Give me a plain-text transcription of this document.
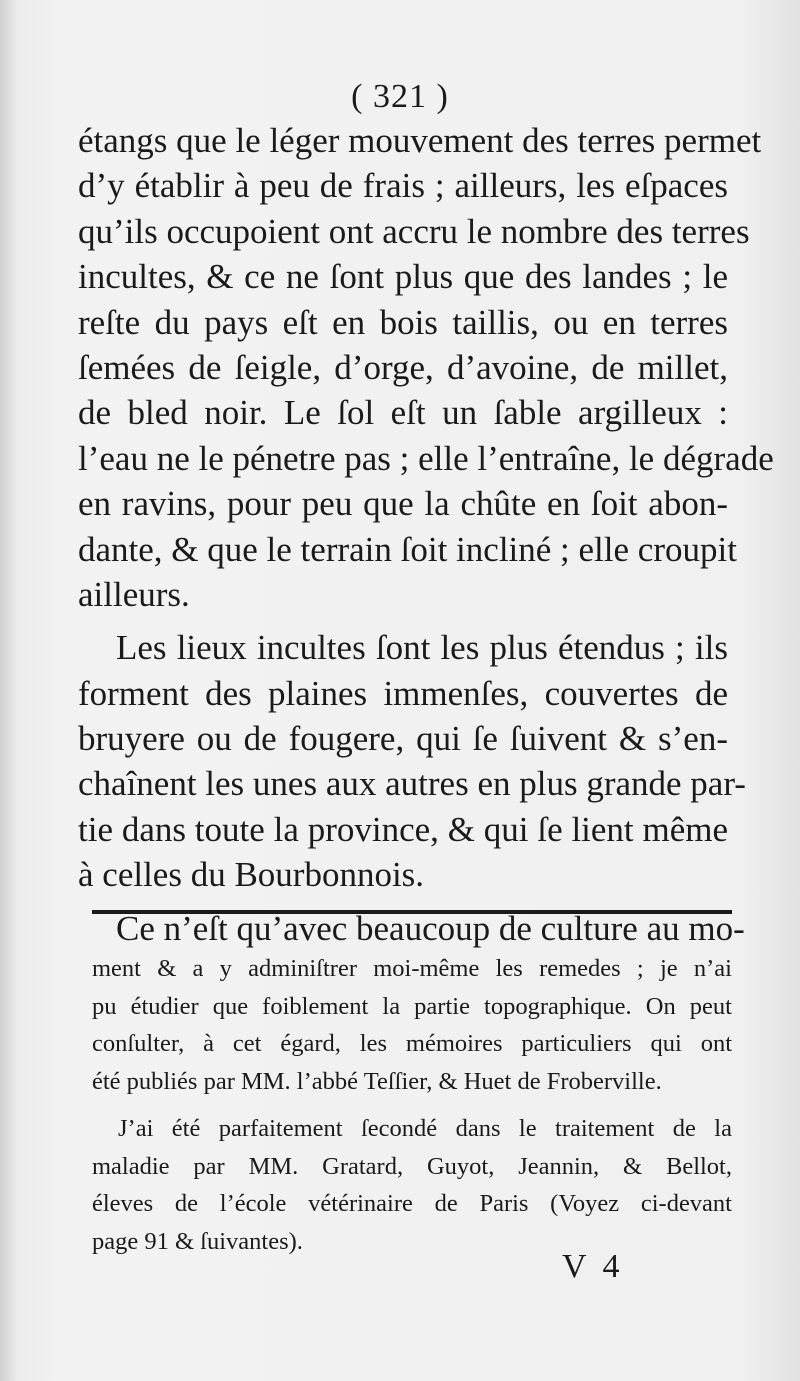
( 321 )
étangs que le léger mouvement des terres permet
d’y établir à peu de frais ; ailleurs, les eſpaces
qu’ils occupoient ont accru le nombre des terres
incultes, & ce ne ſont plus que des landes ; le
reſte du pays eſt en bois taillis, ou en terres
ſemées de ſeigle, d’orge, d’avoine, de millet,
de bled noir. Le ſol eſt un ſable argilleux :
l’eau ne le pénetre pas ; elle l’entraîne, le dégrade
en ravins, pour peu que la chûte en ſoit abon-
dante, & que le terrain ſoit incliné ; elle croupit
ailleurs.
Les lieux incultes ſont les plus étendus ; ils
forment des plaines immenſes, couvertes de
bruyere ou de fougere, qui ſe ſuivent & s’en-
chaînent les unes aux autres en plus grande par-
tie dans toute la province, & qui ſe lient même
à celles du Bourbonnois.
Ce n’eſt qu’avec beaucoup de culture au mo-
ment & a y adminiſtrer moi-même les remedes ; je n’ai
pu étudier que foiblement la partie topographique. On peut
conſulter, à cet égard, les mémoires particuliers qui ont
été publiés par MM. l’abbé Teſſier, & Huet de Froberville.
J’ai été parfaitement ſecondé dans le traitement de la
maladie par MM. Gratard, Guyot, Jeannin, & Bellot,
éleves de l’école vétérinaire de Paris (Voyez ci-devant
page 91 & ſuivantes).
V 4
